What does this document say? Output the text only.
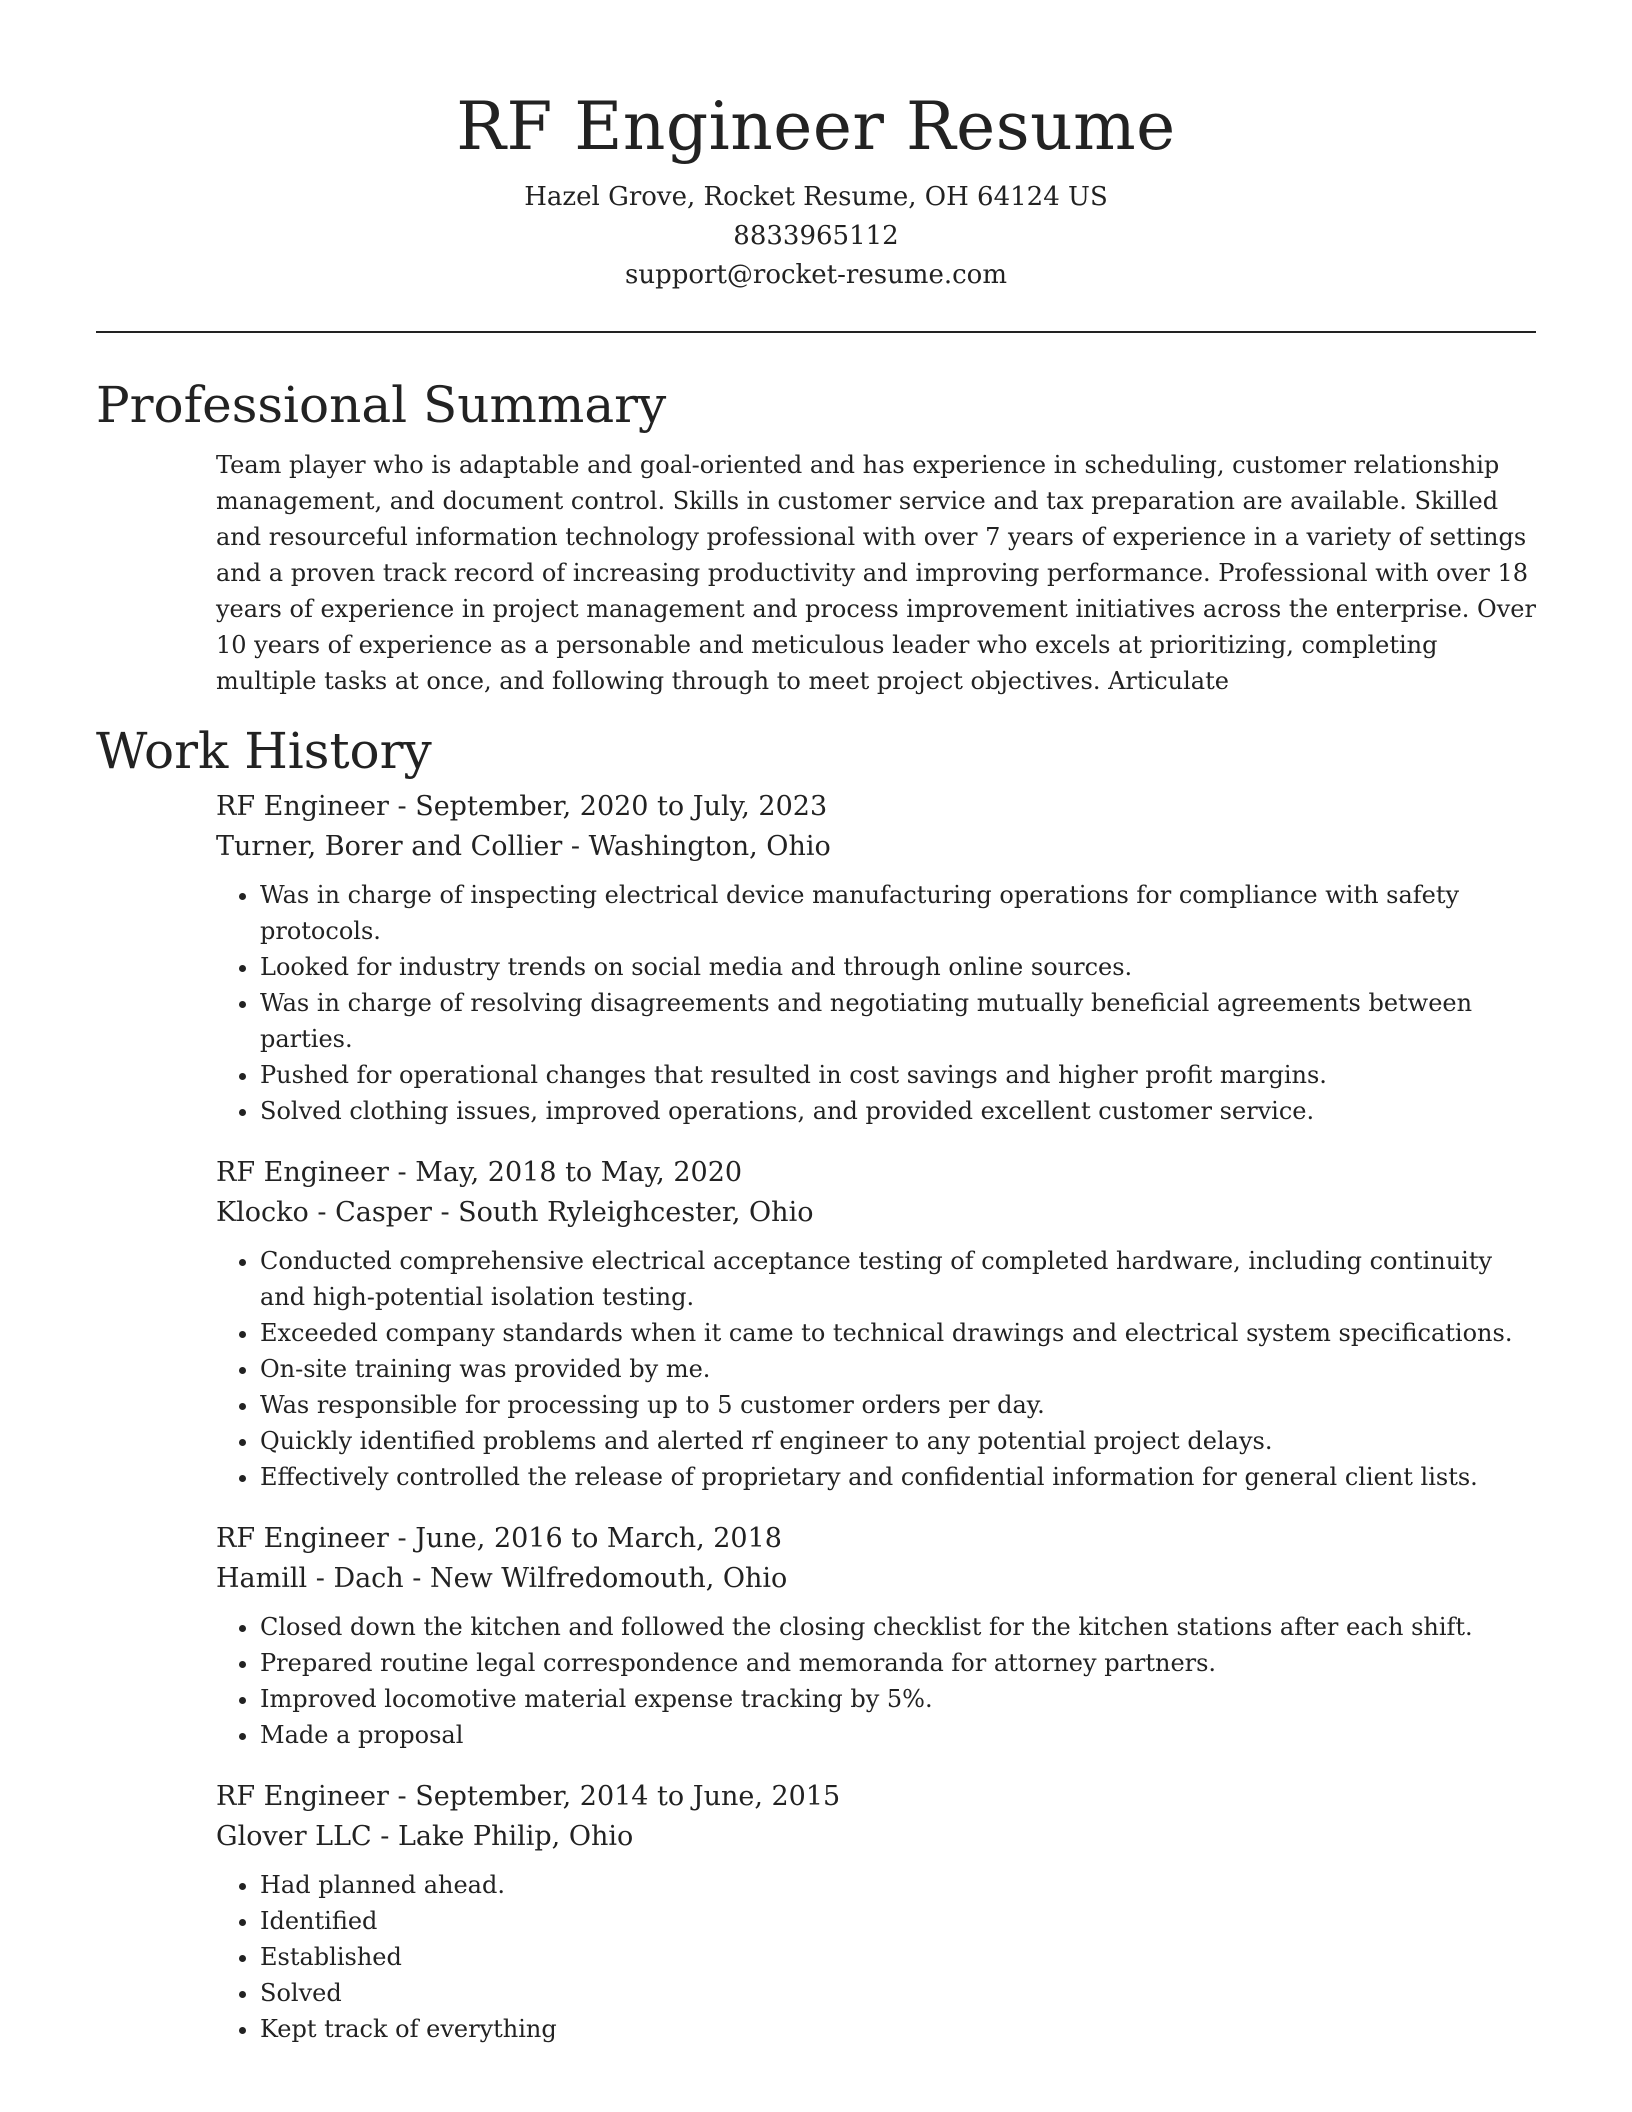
RF Engineer Resume
Hazel Grove, Rocket Resume, OH 64124 US
8833965112
support@rocket-resume.com
Professional Summary

Team player who is adaptable and goal-oriented and has experience in scheduling, customer relationship management, and document control. Skills in customer service and tax preparation are available. Skilled and resourceful information technology professional with over 7 years of experience in a variety of settings and a proven track record of increasing productivity and improving performance. Professional with over 18 years of experience in project management and process improvement initiatives across the enterprise. Over 10 years of experience as a personable and meticulous leader who excels at prioritizing, completing multiple tasks at once, and following through to meet project objectives. Articulate

Work History
RF Engineer - September, 2020 to July, 2023
Turner, Borer and Collier - Washington, Ohio
• Was in charge of inspecting electrical device manufacturing operations for compliance with safety protocols.
• Looked for industry trends on social media and through online sources.
• Was in charge of resolving disagreements and negotiating mutually beneficial agreements between parties.
• Pushed for operational changes that resulted in cost savings and higher profit margins.
• Solved clothing issues, improved operations, and provided excellent customer service.
RF Engineer - May, 2018 to May, 2020
Klocko - Casper - South Ryleighcester, Ohio
• Conducted comprehensive electrical acceptance testing of completed hardware, including continuity and high-potential isolation testing.
• Exceeded company standards when it came to technical drawings and electrical system specifications.
• On-site training was provided by me.
• Was responsible for processing up to 5 customer orders per day.
• Quickly identified problems and alerted rf engineer to any potential project delays.
• Effectively controlled the release of proprietary and confidential information for general client lists.
RF Engineer - June, 2016 to March, 2018
Hamill - Dach - New Wilfredomouth, Ohio
• Closed down the kitchen and followed the closing checklist for the kitchen stations after each shift.
• Prepared routine legal correspondence and memoranda for attorney partners.
• Improved locomotive material expense tracking by 5%.
• Made a proposal
RF Engineer - September, 2014 to June, 2015
Glover LLC - Lake Philip, Ohio
• Had planned ahead.
• Identified
• Established
• Solved
• Kept track of everything
